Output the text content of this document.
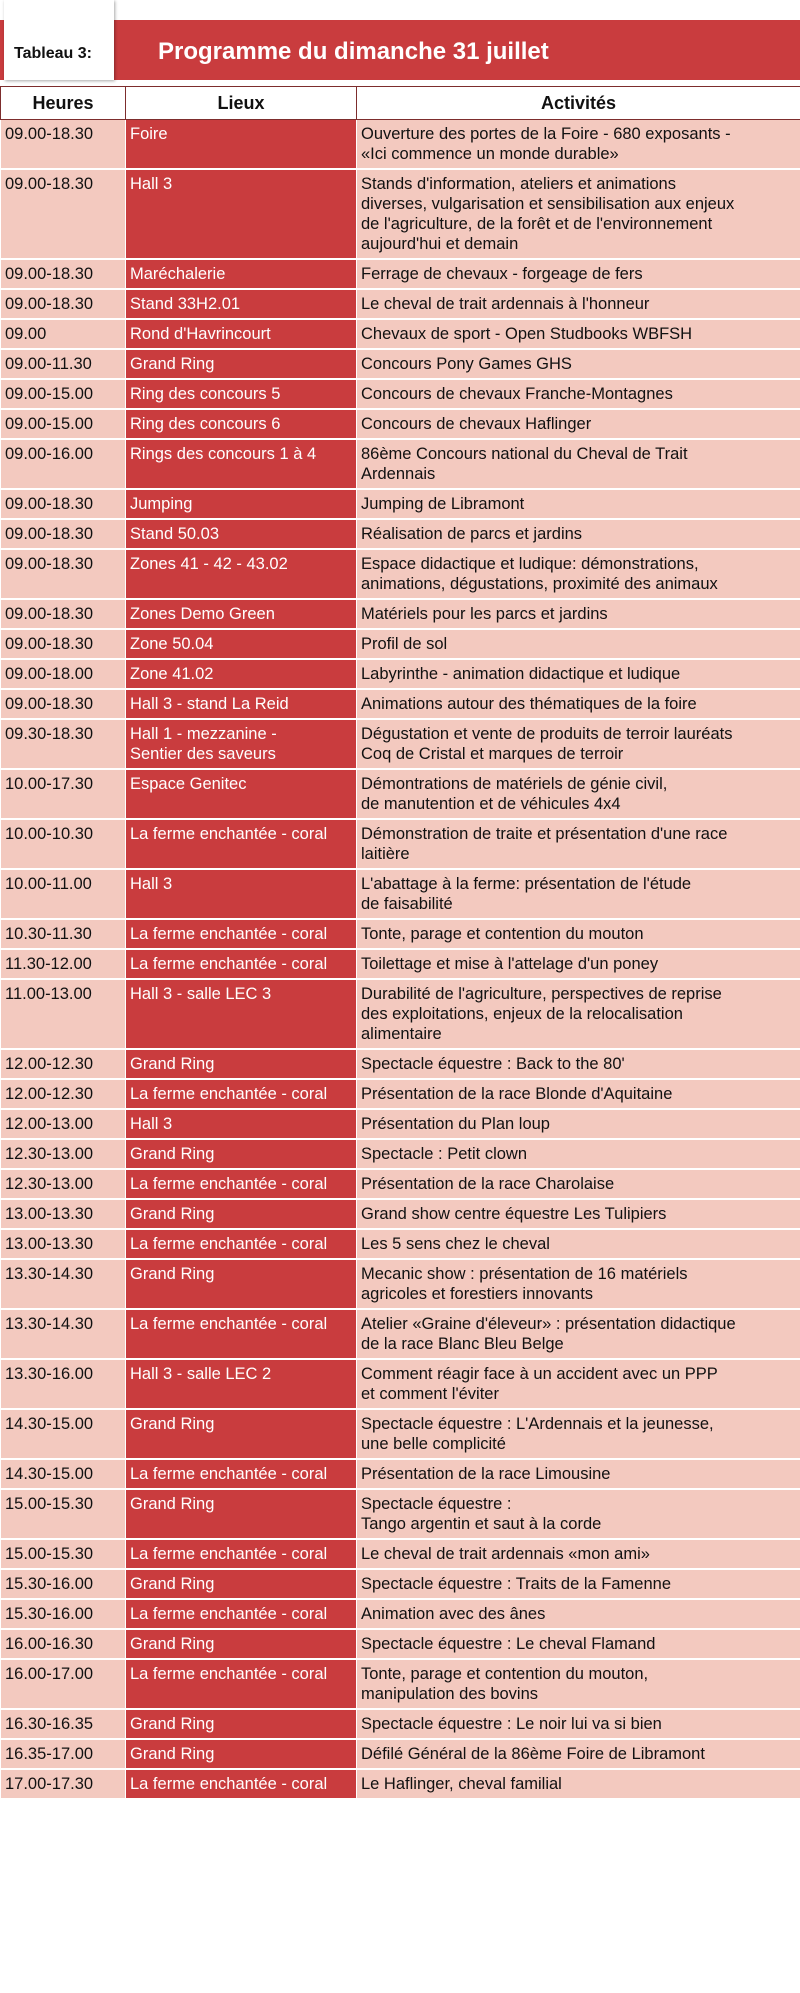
Tableau 3:	Programme du dimanche 31 juillet
Heures	Lieux	Activités
09.00-18.30	Foire	Ouverture des portes de la Foire - 680 exposants -
«Ici commence un monde durable»
09.00-18.30	Hall 3	Stands d'information, ateliers et animations
diverses, vulgarisation et sensibilisation aux enjeux
de l'agriculture, de la forêt et de l'environnement
aujourd'hui et demain
09.00-18.30	Maréchalerie	Ferrage de chevaux - forgeage de fers
09.00-18.30	Stand 33H2.01	Le cheval de trait ardennais à l'honneur
09.00	Rond d'Havrincourt	Chevaux de sport - Open Studbooks WBFSH
09.00-11.30	Grand Ring	Concours Pony Games GHS
09.00-15.00	Ring des concours 5	Concours de chevaux Franche-Montagnes
09.00-15.00	Ring des concours 6	Concours de chevaux Haflinger
09.00-16.00	Rings des concours 1 à 4	86ème Concours national du Cheval de Trait
Ardennais
09.00-18.30	Jumping	Jumping de Libramont
09.00-18.30	Stand 50.03	Réalisation de parcs et jardins
09.00-18.30	Zones 41 - 42 - 43.02	Espace didactique et ludique: démonstrations,
animations, dégustations, proximité des animaux
09.00-18.30	Zones Demo Green	Matériels pour les parcs et jardins
09.00-18.30	Zone 50.04	Profil de sol
09.00-18.00	Zone 41.02	Labyrinthe - animation didactique et ludique
09.00-18.30	Hall 3 - stand La Reid	Animations autour des thématiques de la foire
09.30-18.30	Hall 1 - mezzanine -
Sentier des saveurs	Dégustation et vente de produits de terroir lauréats
Coq de Cristal et marques de terroir
10.00-17.30	Espace Genitec	Démontrations de matériels de génie civil,
de manutention et de véhicules 4x4
10.00-10.30	La ferme enchantée - coral	Démonstration de traite et présentation d'une race
laitière
10.00-11.00	Hall 3	L'abattage à la ferme: présentation de l'étude
de faisabilité
10.30-11.30	La ferme enchantée - coral	Tonte, parage et contention du mouton
11.30-12.00	La ferme enchantée - coral	Toilettage et mise à l'attelage d'un poney
11.00-13.00	Hall 3 - salle LEC 3	Durabilité de l'agriculture, perspectives de reprise
des exploitations, enjeux de la relocalisation
alimentaire
12.00-12.30	Grand Ring	Spectacle équestre : Back to the 80'
12.00-12.30	La ferme enchantée - coral	Présentation de la race Blonde d'Aquitaine
12.00-13.00	Hall 3	Présentation du Plan loup
12.30-13.00	Grand Ring	Spectacle : Petit clown
12.30-13.00	La ferme enchantée - coral	Présentation de la race Charolaise
13.00-13.30	Grand Ring	Grand show centre équestre Les Tulipiers
13.00-13.30	La ferme enchantée - coral	Les 5 sens chez le cheval
13.30-14.30	Grand Ring	Mecanic show : présentation de 16 matériels
agricoles et forestiers innovants
13.30-14.30	La ferme enchantée - coral	Atelier «Graine d'éleveur» : présentation didactique
de la race Blanc Bleu Belge
13.30-16.00	Hall 3 - salle LEC 2	Comment réagir face à un accident avec un PPP
et comment l'éviter
14.30-15.00	Grand Ring	Spectacle équestre : L'Ardennais et la jeunesse,
une belle complicité
14.30-15.00	La ferme enchantée - coral	Présentation de la race Limousine
15.00-15.30	Grand Ring	Spectacle équestre :
Tango argentin et saut à la corde
15.00-15.30	La ferme enchantée - coral	Le cheval de trait ardennais «mon ami»
15.30-16.00	Grand Ring	Spectacle équestre : Traits de la Famenne
15.30-16.00	La ferme enchantée - coral	Animation avec des ânes
16.00-16.30	Grand Ring	Spectacle équestre : Le cheval Flamand
16.00-17.00	La ferme enchantée - coral	Tonte, parage et contention du mouton,
manipulation des bovins
16.30-16.35	Grand Ring	Spectacle équestre : Le noir lui va si bien
16.35-17.00	Grand Ring	Défilé Général de la 86ème Foire de Libramont
17.00-17.30	La ferme enchantée - coral	Le Haflinger, cheval familial
